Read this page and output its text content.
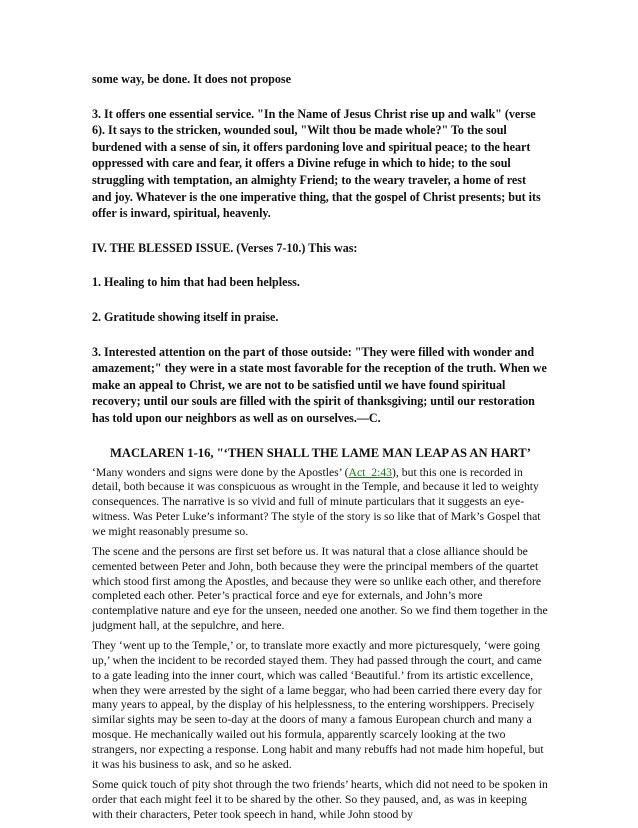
some way, be done. It does not propose

3. It offers one essential service. "In the Name of Jesus Christ rise up and walk" (verse 6). It says to the stricken, wounded soul, "Wilt thou be made whole?" To the soul burdened with a sense of sin, it offers pardoning love and spiritual peace; to the heart oppressed with care and fear, it offers a Divine refuge in which to hide; to the soul struggling with temptation, an almighty Friend; to the weary traveler, a home of rest and joy. Whatever is the one imperative thing, that the gospel of Christ presents; but its offer is inward, spiritual, heavenly.

IV. THE BLESSED ISSUE. (Verses 7-10.) This was:

1. Healing to him that had been helpless.

2. Gratitude showing itself in praise.

3. Interested attention on the part of those outside: "They were filled with wonder and amazement;" they were in a state most favorable for the reception of the truth. When we make an appeal to Christ, we are not to be satisfied until we have found spiritual recovery; until our souls are filled with the spirit of thanksgiving; until our restoration has told upon our neighbors as well as on ourselves.—C.

MACLAREN 1-16, "‘THEN SHALL THE LAME MAN LEAP AS AN HART’

‘Many wonders and signs were done by the Apostles’ (Act_2:43), but this one is recorded in detail, both because it was conspicuous as wrought in the Temple, and because it led to weighty consequences. The narrative is so vivid and full of minute particulars that it suggests an eye-witness. Was Peter Luke’s informant? The style of the story is so like that of Mark’s Gospel that we might reasonably presume so.

The scene and the persons are first set before us. It was natural that a close alliance should be cemented between Peter and John, both because they were the principal members of the quartet which stood first among the Apostles, and because they were so unlike each other, and therefore completed each other. Peter’s practical force and eye for externals, and John’s more contemplative nature and eye for the unseen, needed one another. So we find them together in the judgment hall, at the sepulchre, and here.

They ‘went up to the Temple,’ or, to translate more exactly and more picturesquely, ‘were going up,’ when the incident to be recorded stayed them. They had passed through the court, and came to a gate leading into the inner court, which was called ‘Beautiful.’ from its artistic excellence, when they were arrested by the sight of a lame beggar, who had been carried there every day for many years to appeal, by the display of his helplessness, to the entering worshippers. Precisely similar sights may be seen to-day at the doors of many a famous European church and many a mosque. He mechanically wailed out his formula, apparently scarcely looking at the two strangers, nor expecting a response. Long habit and many rebuffs had not made him hopeful, but it was his business to ask, and so he asked.

Some quick touch of pity shot through the two friends’ hearts, which did not need to be spoken in order that each might feel it to be shared by the other. So they paused, and, as was in keeping with their characters, Peter took speech in hand, while John stood by
